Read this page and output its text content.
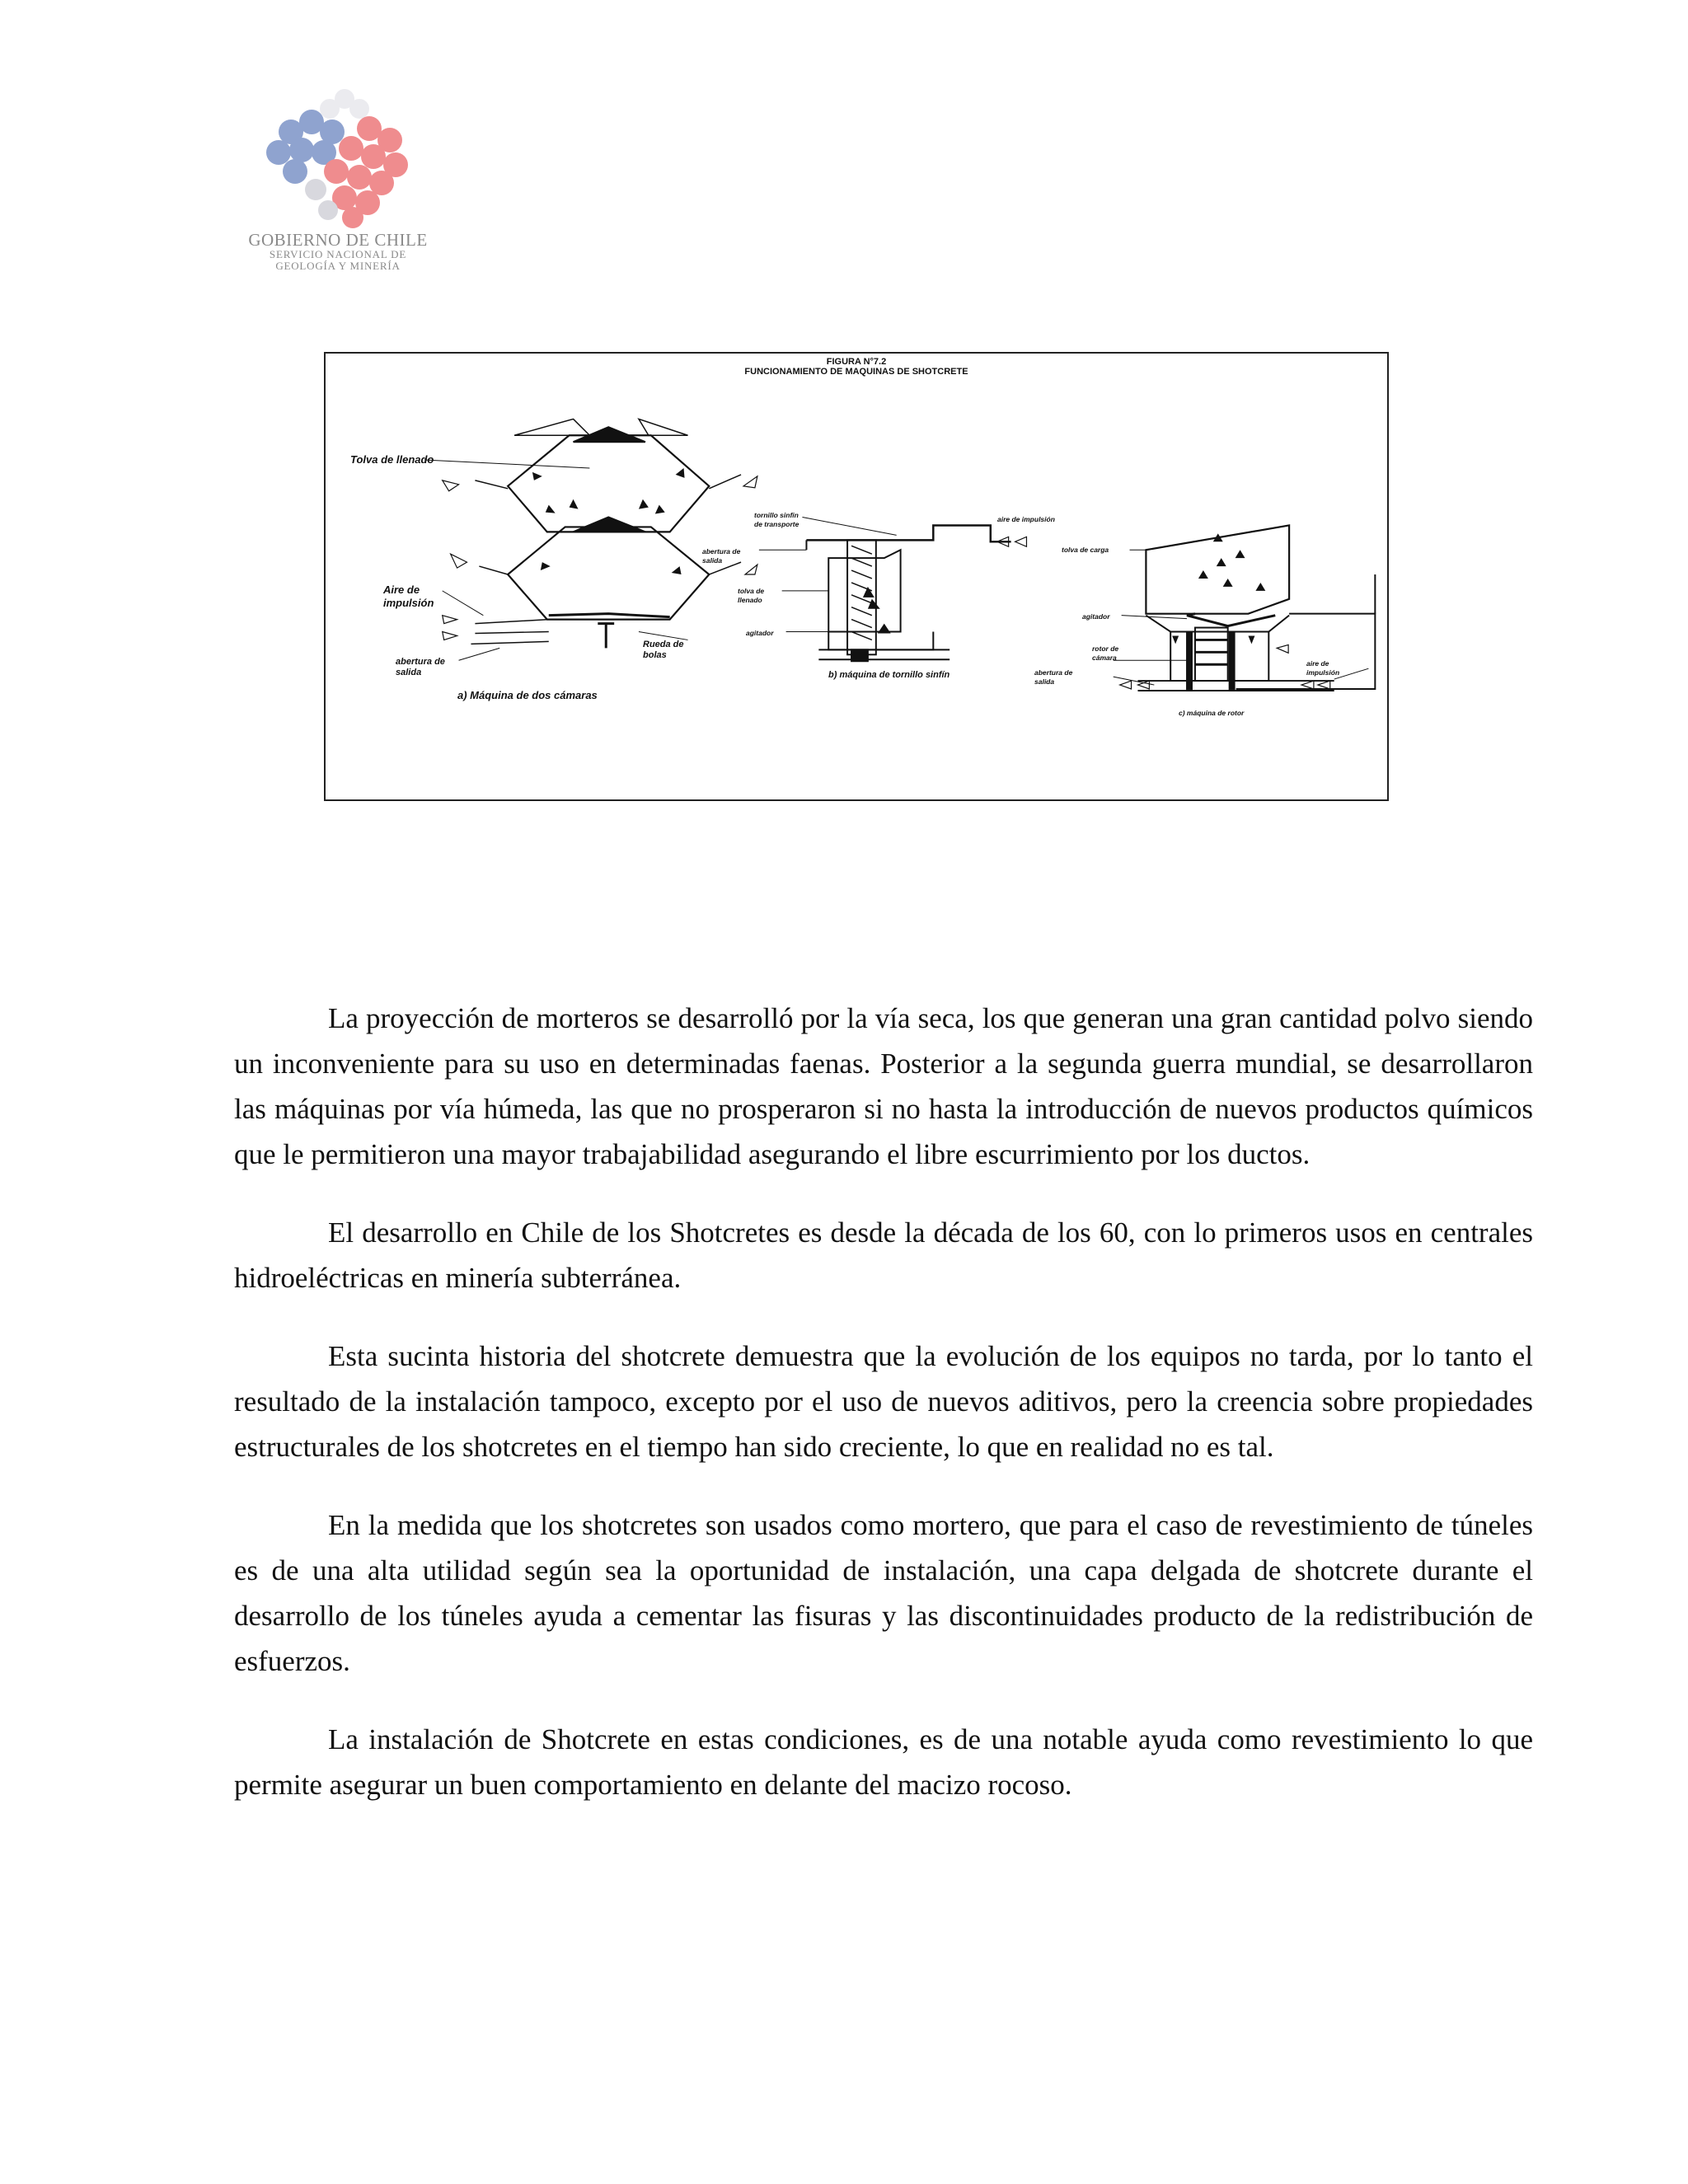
GOBIERNO DE CHILE
SERVICIO NACIONAL DE
GEOLOGÍA Y MINERÍA
FIGURA N°7.2
FUNCIONAMIENTO DE MAQUINAS DE SHOTCRETE
Tolva de llenado
Aire de
impulsión
Rueda de
bolas
abertura de
salida
a) Máquina de dos cámaras
tornillo sinfin
de transporte
aire de impulsión
abertura de
salida
tolva de
llenado
agitador
b) máquina de tornillo sinfín
tolva de carga
agitador
rotor de
cámara
abertura de
salida
aire de
impulsión
c) máquina de rotor

La proyección de morteros se desarrolló por la vía seca, los que generan una gran cantidad polvo siendo un inconveniente para su uso en determinadas faenas. Posterior a la segunda guerra mundial, se desarrollaron las máquinas por vía húmeda, las que no prosperaron si no hasta la introducción de nuevos productos químicos que le permitieron una mayor trabajabilidad asegurando el libre escurrimiento por los ductos.

El desarrollo en Chile de los Shotcretes es desde la década de los 60, con lo primeros usos en centrales hidroeléctricas en minería subterránea.

Esta sucinta historia del shotcrete demuestra que la evolución de los equipos no tarda, por lo tanto el resultado de la instalación tampoco, excepto por el uso de nuevos aditivos, pero la creencia sobre propiedades estructurales de los shotcretes en el tiempo han sido creciente, lo que en realidad no es tal.

En la medida que los shotcretes son usados como mortero, que para el caso de revestimiento de túneles es de una alta utilidad según sea la oportunidad de instalación, una capa delgada de shotcrete durante el desarrollo de los túneles ayuda a cementar las fisuras y las discontinuidades producto de la redistribución de esfuerzos.

La instalación de Shotcrete en estas condiciones, es de una notable ayuda como revestimiento lo que permite asegurar un buen comportamiento en delante del macizo rocoso.
